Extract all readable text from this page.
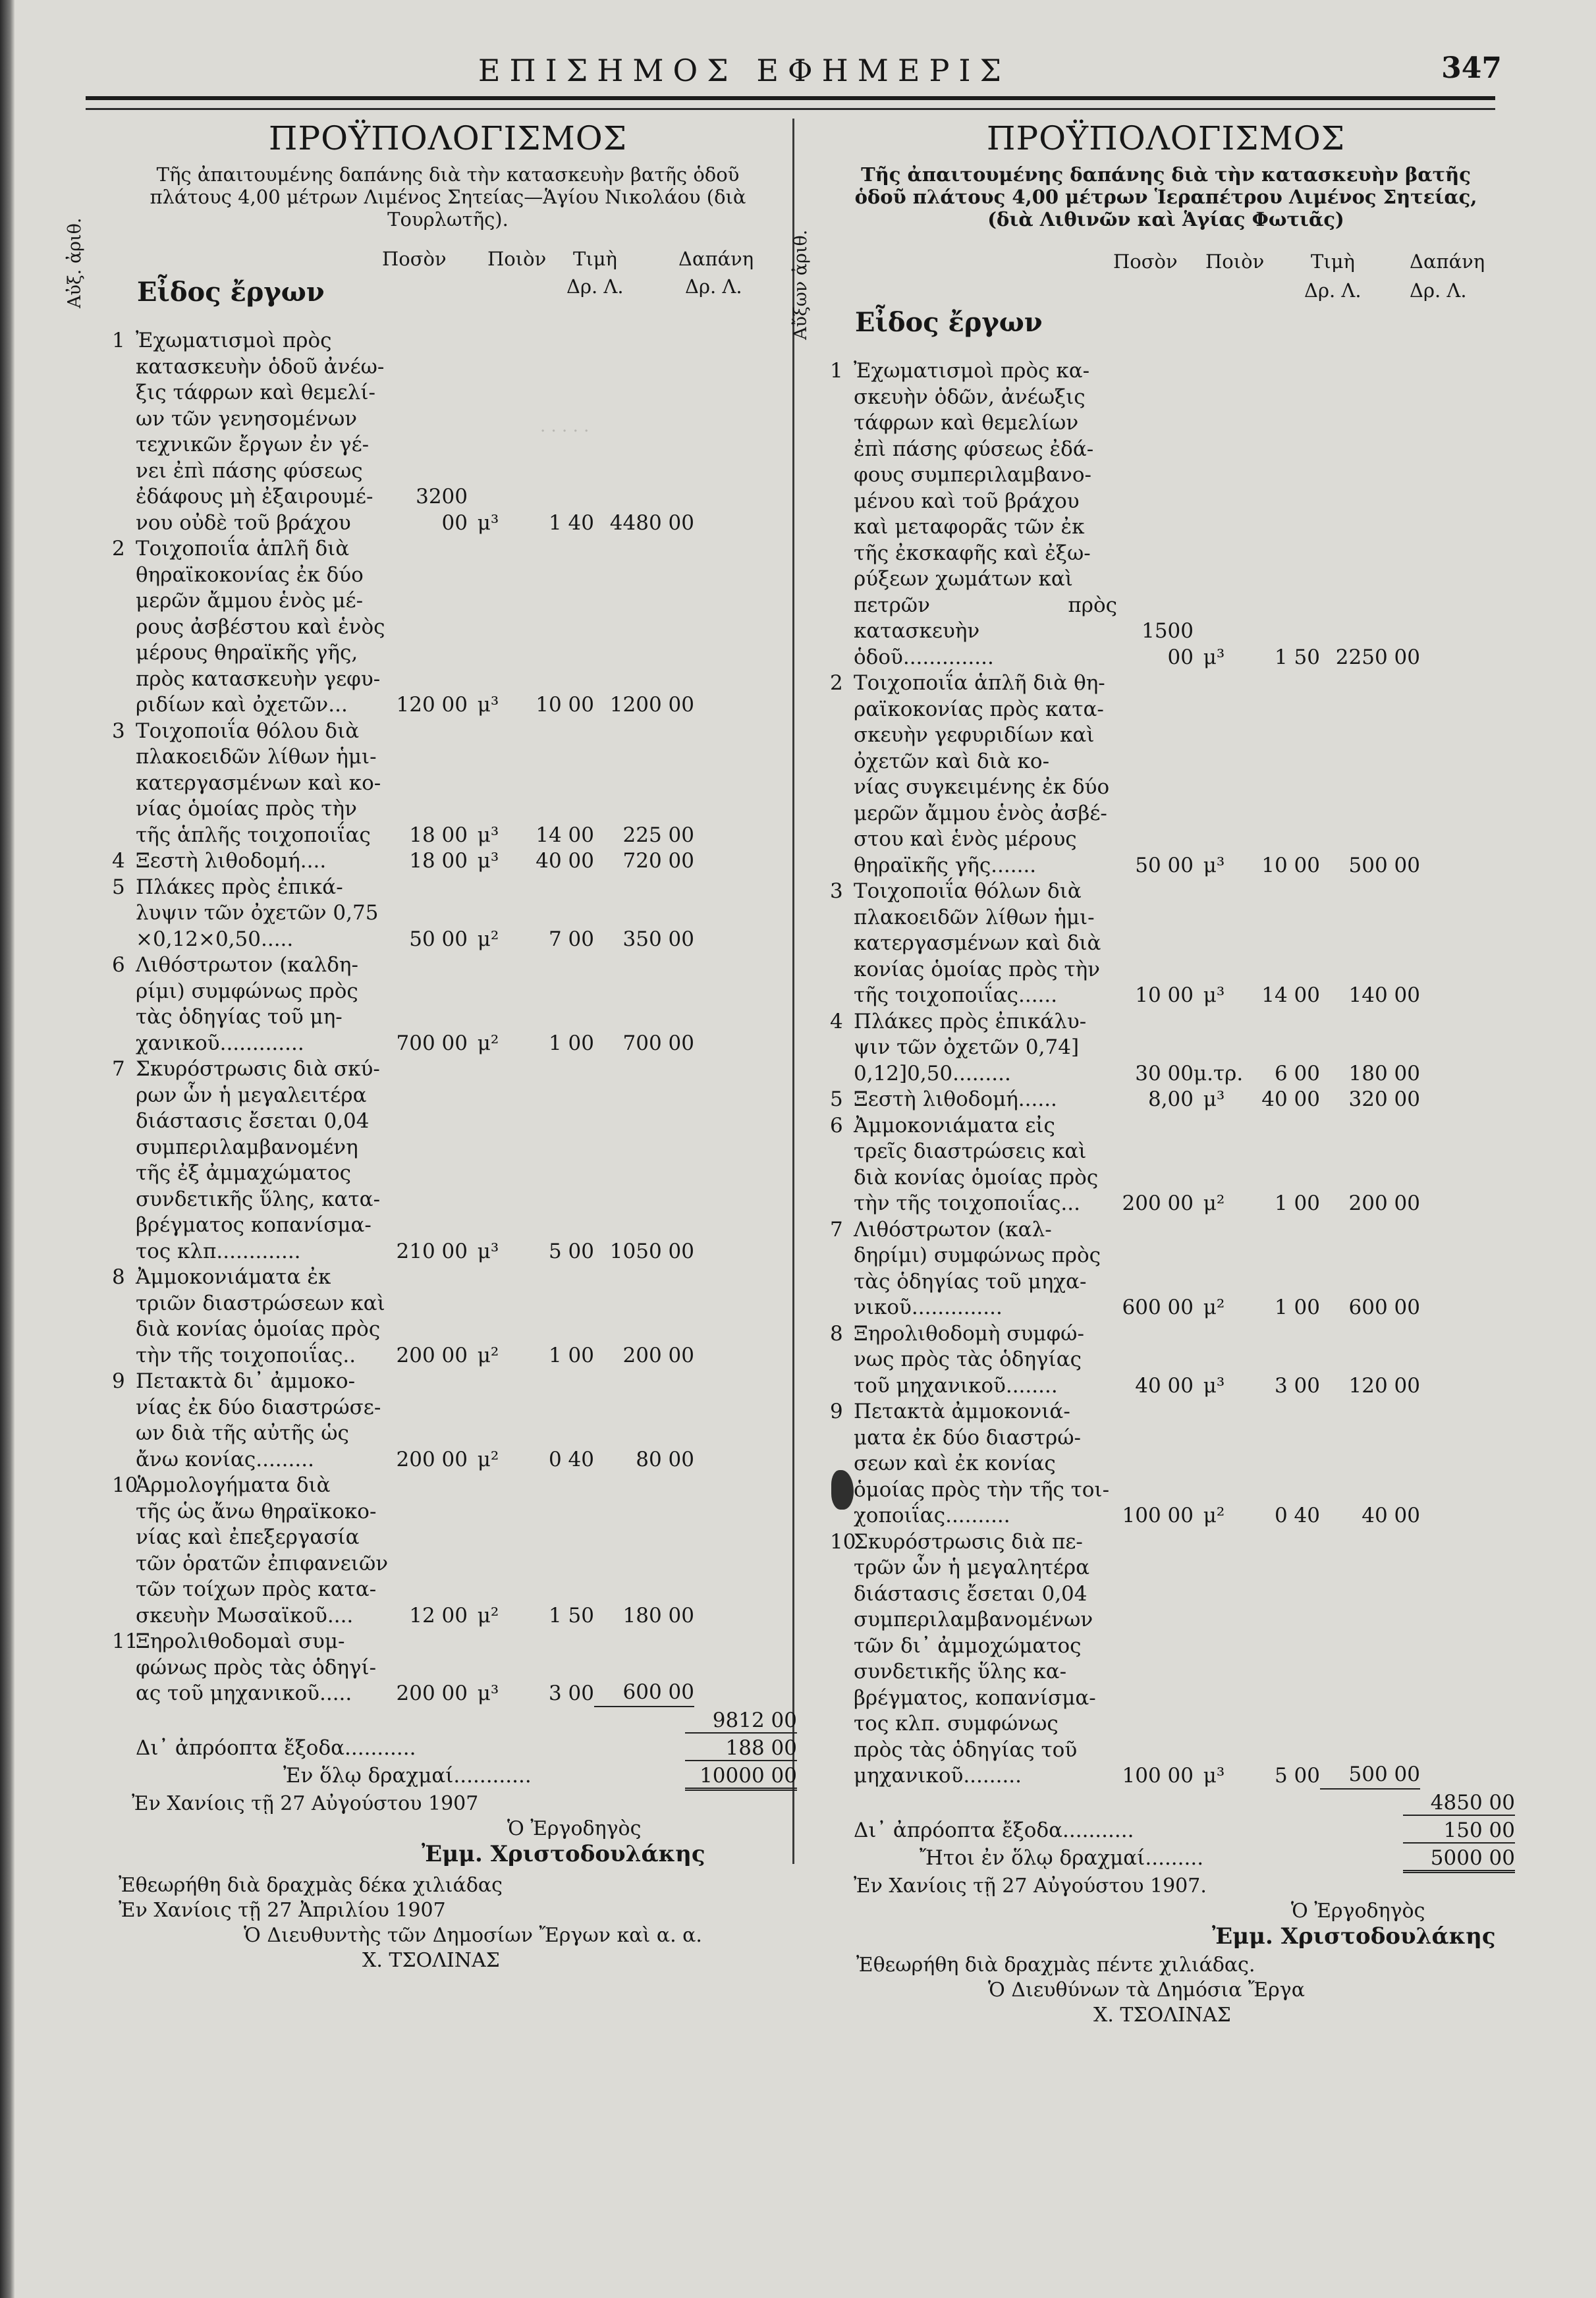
ΕΠΙΣΗΜΟΣ ΕΦΗΜΕΡΙΣ	347
· · · · ·
ΠΡΟΫΠΟΛΟΓΙΣΜΟΣ
Τῆς ἀπαιτουμένης δαπάνης διὰ τὴν κατασκευὴν βατῆς ὁδοῦ πλάτους 4,00 μέτρων Λιμένος Σητείας—Ἁγίου Νικολάου (διὰ Τουρλωτῆς).
Αὐξ. ἀριθ. Εἶδος ἔργων
Ποσὸν Ποιὸν Τιμὴ	Δαπάνη
Δρ. Λ.	Δρ. Λ.
1 Ἐχωματισμοὶ πρὸς
κατασκευὴν ὁδοῦ ἀνέω-
ξις τάφρων καὶ θεμελί-
ων τῶν γενησομένων
τεχνικῶν ἔργων ἐν γέ-
νει ἐπὶ πάσης φύσεως
ἐδάφους μὴ ἐξαιρουμέ-
νου οὐδὲ τοῦ βράχου
3200 00 μ³	1 40 4480 00
2 Τοιχοποιΐα ἁπλῆ διὰ
θηραϊκοκονίας ἐκ δύο
μερῶν ἄμμου ἑνὸς μέ-
ρους ἀσβέστου καὶ ἑνὸς
μέρους θηραϊκῆς γῆς,
πρὸς κατασκευὴν γεφυ-
ριδίων καὶ ὀχετῶν...	120 00 μ³	10 00 1200 00
3 Τοιχοποιΐα θόλου διὰ
πλακοειδῶν λίθων ἡμι-
κατεργασμένων καὶ κο-
νίας ὁμοίας πρὸς τὴν
τῆς ἁπλῆς τοιχοποιΐας	18 00 μ³	14 00	225 00
4 Ξεστὴ λιθοδομή....	18 00 μ³	40 00	720 00
5 Πλάκες πρὸς ἐπικά-
λυψιν τῶν ὀχετῶν 0,75
×0,12×0,50.....	50 00 μ²	7 00	350 00
6 Λιθόστρωτον (καλδη-
ρίμι) συμφώνως πρὸς
τὰς ὁδηγίας τοῦ μη-
χανικοῦ.............	700 00 μ²	1 00	700 00
7 Σκυρόστρωσις διὰ σκύ-
ρων ὧν ἡ μεγαλειτέρα
διάστασις ἔσεται 0,04
συμπεριλαμβανομένη
τῆς ἐξ ἀμμαχώματος
συνδετικῆς ὕλης, κατα-
βρέγματος κοπανίσμα-
τος κλπ.............	210 00 μ³	5 00 1050 00
8 Ἀμμοκονιάματα ἐκ
τριῶν διαστρώσεων καὶ
διὰ κονίας ὁμοίας πρὸς
τὴν τῆς τοιχοποιΐας..	200 00 μ²	1 00	200 00
9 Πετακτὰ δι᾿ ἀμμοκο-
νίας ἐκ δύο διαστρώσε-
ων διὰ τῆς αὐτῆς ὡς
ἄνω κονίας.........	200 00 μ²	0 40	80 00
10
Ἁρμολογήματα διὰ
τῆς ὡς ἄνω θηραϊκοκο-
νίας καὶ ἐπεξεργασία
τῶν ὁρατῶν ἐπιφανειῶν
τῶν τοίχων πρὸς κατα-
σκευὴν Μωσαϊκοῦ....	12 00 μ²	1 50	180 00
11
Ξηρολιθοδομαὶ συμ-
φώνως πρὸς τὰς ὁδηγί-
ας τοῦ μηχανικοῦ.....	200 00 μ³	3 00	600 00
9812 00
Δι᾿ ἀπρόοπτα ἔξοδα...........	188 00
Ἐν ὅλῳ δραχμαί............	10000 00
Ἐν Χανίοις τῇ 27 Αὐγούστου 1907
Ὁ Ἐργοδηγὸς
Ἐμμ. Χριστοδουλάκης
Ἐθεωρήθη διὰ δραχμὰς δέκα χιλιάδας
Ἐν Χανίοις τῇ 27 Ἀπριλίου 1907
Ὁ Διευθυντὴς τῶν Δημοσίων Ἔργων καὶ α. α.
Χ. ΤΣΟΛΙΝΑΣ
ΠΡΟΫΠΟΛΟΓΙΣΜΟΣ
Τῆς ἀπαιτουμένης δαπάνης διὰ τὴν κατασκευὴν βατῆς ὁδοῦ πλάτους 4,00 μέτρων Ἱεραπέτρου Λιμένος Σητείας, (διὰ Λιθινῶν καὶ Ἁγίας Φωτιᾶς)
Αὔξων ἀριθ. Εἶδος ἔργων
Ποσὸν Ποιὸν Τιμὴ	Δαπάνη
Δρ. Λ.	Δρ. Λ.
1 Ἐχωματισμοὶ πρὸς κα-
σκευὴν ὁδῶν, ἀνέωξις
τάφρων καὶ θεμελίων
ἐπὶ πάσης φύσεως ἐδά-
φους συμπεριλαμβανο-
μένου καὶ τοῦ βράχου
καὶ μεταφορᾶς τῶν ἐκ
τῆς ἐκσκαφῆς καὶ ἐξω-
ρύξεων χωμάτων καὶ
πετρῶν πρὸς κατασκευὴν
ὁδοῦ..............
1500 00 μ³	1 50 2250 00
2 Τοιχοποιΐα ἁπλῆ διὰ θη-
ραϊκοκονίας πρὸς κατα-
σκευὴν γεφυριδίων καὶ
ὀχετῶν καὶ διὰ κο-
νίας συγκειμένης ἐκ δύο
μερῶν ἄμμου ἑνὸς ἀσβέ-
στου καὶ ἑνὸς μέρους
θηραϊκῆς γῆς.......	50 00 μ³	10 00	500 00
3 Τοιχοποιΐα θόλων διὰ
πλακοειδῶν λίθων ἡμι-
κατεργασμένων καὶ διὰ
κονίας ὁμοίας πρὸς τὴν
τῆς τοιχοποιΐας......	10 00 μ³	14 00	140 00
4 Πλάκες πρὸς ἐπικάλυ-
ψιν τῶν ὀχετῶν 0,74]
0,12]0,50.........	30 00 μ.τρ.	6 00	180 00
5 Ξεστὴ λιθοδομή......	8,00 μ³	40 00	320 00
6 Ἀμμοκονιάματα εἰς
τρεῖς διαστρώσεις καὶ
διὰ κονίας ὁμοίας πρὸς
τὴν τῆς τοιχοποιΐας...	200 00 μ²	1 00	200 00
7 Λιθόστρωτον (καλ-
δηρίμι) συμφώνως πρὸς
τὰς ὁδηγίας τοῦ μηχα-
νικοῦ..............	600 00 μ²	1 00	600 00
8 Ξηρολιθοδομὴ συμφώ-
νως πρὸς τὰς ὁδηγίας
τοῦ μηχανικοῦ........	40 00 μ³	3 00	120 00
9 Πετακτὰ ἀμμοκονιά-
ματα ἐκ δύο διαστρώ-
σεων καὶ ἐκ κονίας
ὁμοίας πρὸς τὴν τῆς τοι-
χοποιΐας..........	100 00 μ²	0 40	40 00
10
Σκυρόστρωσις διὰ πε-
τρῶν ὧν ἡ μεγαλητέρα
διάστασις ἔσεται 0,04
συμπεριλαμβανομένων
τῶν δι᾿ ἀμμοχώματος
συνδετικῆς ὕλης κα-
βρέγματος, κοπανίσμα-
τος κλπ. συμφώνως
πρὸς τὰς ὁδηγίας τοῦ
μηχανικοῦ.........	100 00 μ³	5 00	500 00
4850 00
Δι᾿ ἀπρόοπτα ἔξοδα...........	150 00
Ἤτοι ἐν ὅλῳ δραχμαί.........	5000 00
Ἐν Χανίοις τῇ 27 Αὐγούστου 1907.
Ὁ Ἐργοδηγὸς
Ἐμμ. Χριστοδουλάκης
Ἐθεωρήθη διὰ δραχμὰς πέντε χιλιάδας.
Ὁ Διευθύνων τὰ Δημόσια Ἔργα
Χ. ΤΣΟΛΙΝΑΣ
